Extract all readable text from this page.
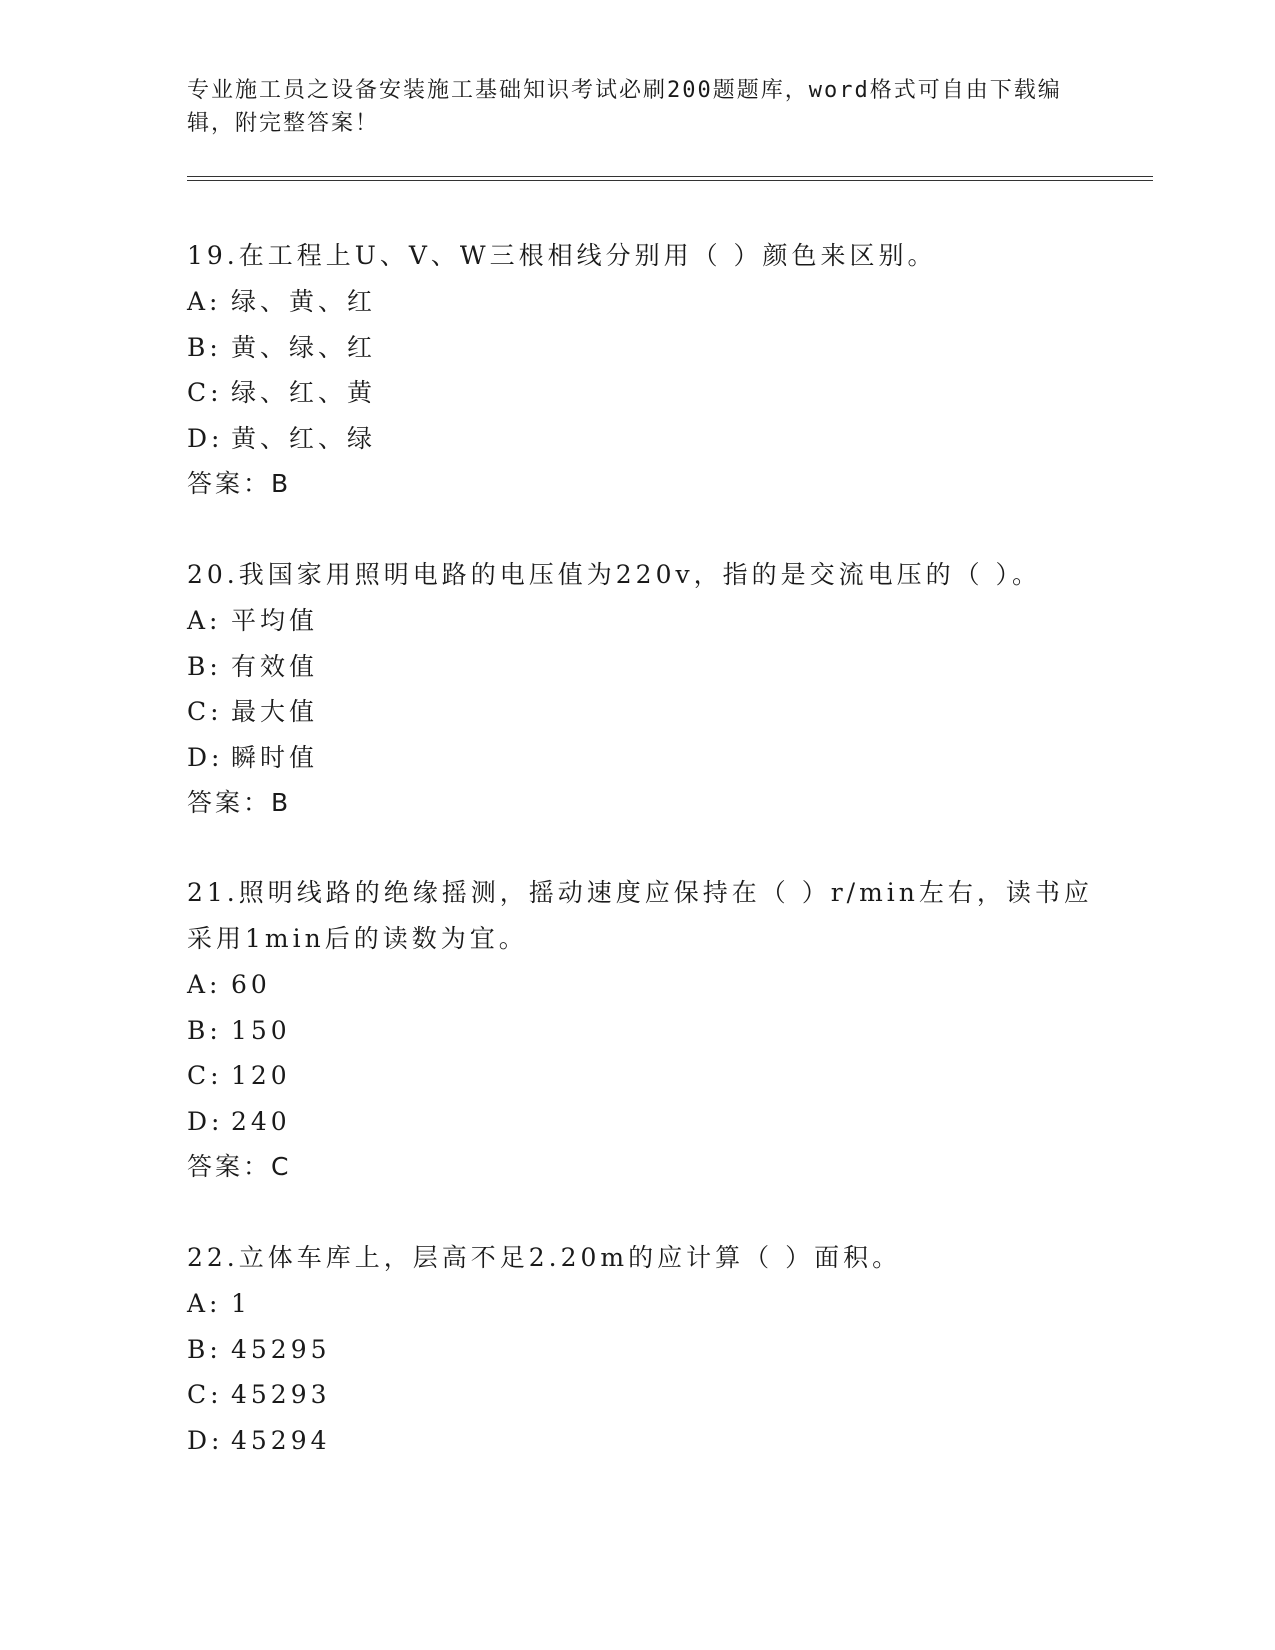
专业施工员之设备安装施工基础知识考试必刷200题题库，word格式可自由下载编辑，附完整答案！

19.在工程上U、V、W三根相线分别用（ ）颜色来区别。

A: 绿、黄、红

B: 黄、绿、红

C: 绿、红、黄

D: 黄、红、绿

答案：B

20.我国家用照明电路的电压值为220v，指的是交流电压的（ ）。

A: 平均值

B: 有效值

C: 最大值

D: 瞬时值

答案：B

21.照明线路的绝缘摇测，摇动速度应保持在（ ）r/min左右，读书应采用1min后的读数为宜。

A: 60

B: 150

C: 120

D: 240

答案：C

22.立体车库上，层高不足2.20m的应计算（ ）面积。

A: 1

B: 45295

C: 45293

D: 45294
